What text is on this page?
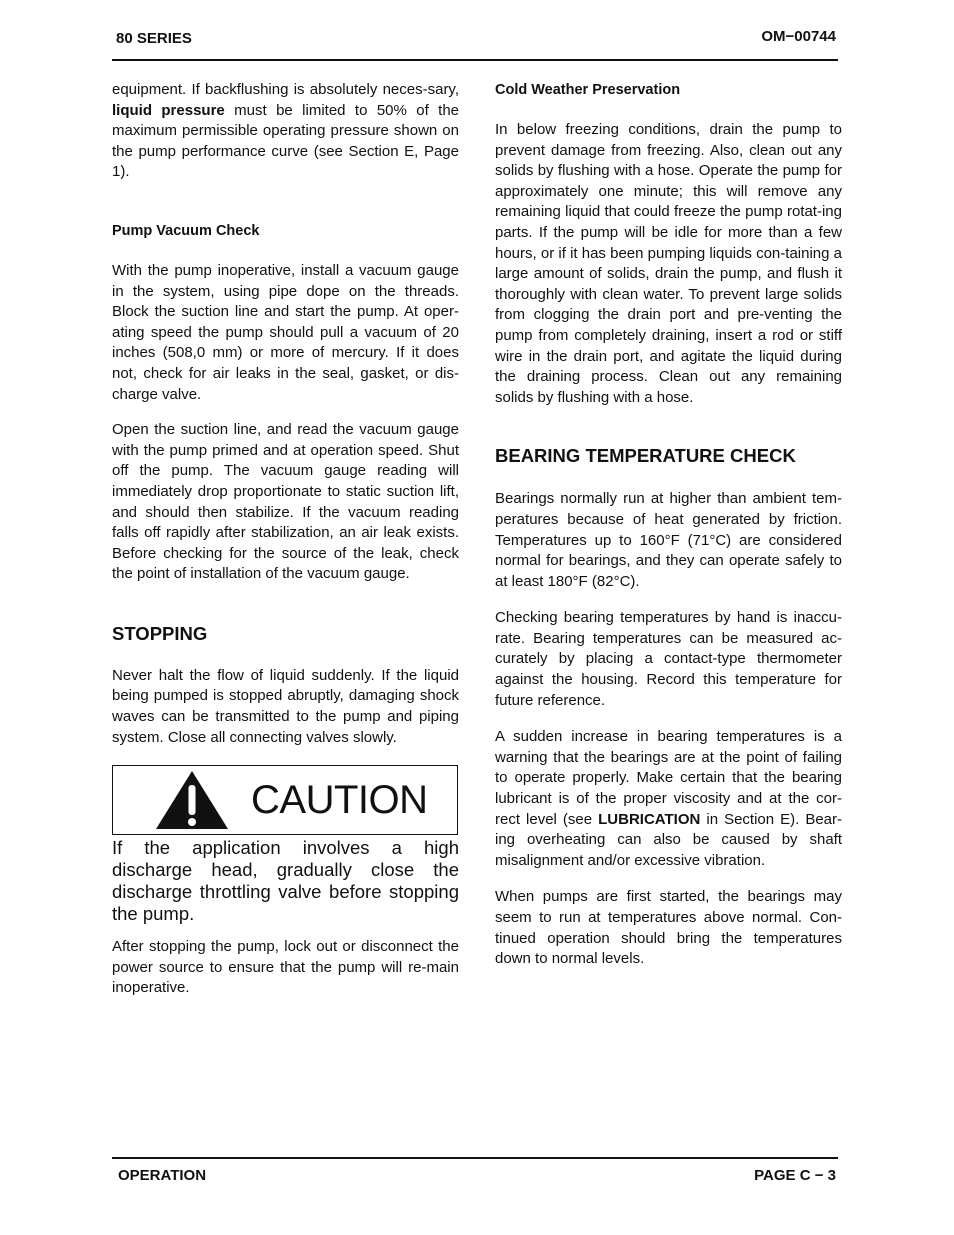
80 SERIES	OM−00744

equipment. If backflushing is absolutely neces-sary, liquid pressure must be limited to 50% of the maximum permissible operating pressure shown on the pump performance curve (see Section E, Page 1).

Pump Vacuum Check

With the pump inoperative, install a vacuum gauge in the system, using pipe dope on the threads. Block the suction line and start the pump. At oper-ating speed the pump should pull a vacuum of 20 inches (508,0 mm) or more of mercury. If it does not, check for air leaks in the seal, gasket, or dis-charge valve.

Open the suction line, and read the vacuum gauge with the pump primed and at operation speed. Shut off the pump. The vacuum gauge reading will immediately drop proportionate to static suction lift, and should then stabilize. If the vacuum reading falls off rapidly after stabilization, an air leak exists. Before checking for the source of the leak, check the point of installation of the vacuum gauge.

STOPPING

Never halt the flow of liquid suddenly. If the liquid being pumped is stopped abruptly, damaging shock waves can be transmitted to the pump and piping system. Close all connecting valves slowly.

CAUTION

If the application involves a high discharge head, gradually close the discharge throttling valve before stopping the pump.

After stopping the pump, lock out or disconnect the power source to ensure that the pump will re-main inoperative.

Cold Weather Preservation

In below freezing conditions, drain the pump to prevent damage from freezing. Also, clean out any solids by flushing with a hose. Operate the pump for approximately one minute; this will remove any remaining liquid that could freeze the pump rotat-ing parts. If the pump will be idle for more than a few hours, or if it has been pumping liquids con-taining a large amount of solids, drain the pump, and flush it thoroughly with clean water. To prevent large solids from clogging the drain port and pre-venting the pump from completely draining, insert a rod or stiff wire in the drain port, and agitate the liquid during the draining process. Clean out any remaining solids by flushing with a hose.

BEARING TEMPERATURE CHECK

Bearings normally run at higher than ambient tem-peratures because of heat generated by friction. Temperatures up to 160°F (71°C) are considered normal for bearings, and they can operate safely to at least 180°F (82°C).

Checking bearing temperatures by hand is inaccu-rate. Bearing temperatures can be measured ac-curately by placing a contact-type thermometer against the housing. Record this temperature for future reference.

A sudden increase in bearing temperatures is a warning that the bearings are at the point of failing to operate properly. Make certain that the bearing lubricant is of the proper viscosity and at the cor-rect level (see LUBRICATION in Section E). Bear-ing overheating can also be caused by shaft misalignment and/or excessive vibration.

When pumps are first started, the bearings may seem to run at temperatures above normal. Con-tinued operation should bring the temperatures down to normal levels.

OPERATION	PAGE C − 3
